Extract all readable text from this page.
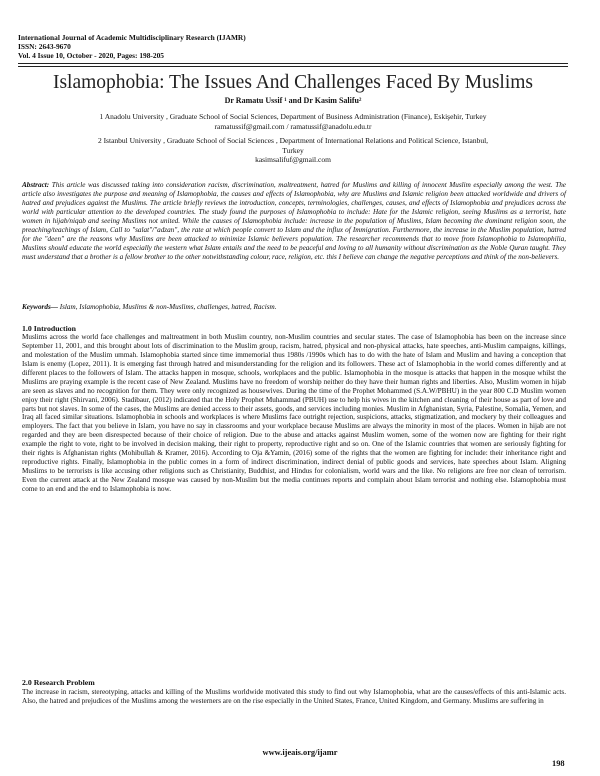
International Journal of Academic Multidisciplinary Research (IJAMR)
ISSN: 2643-9670
Vol. 4 Issue 10, October - 2020, Pages: 198-205
Islamophobia: The Issues And Challenges Faced By Muslims
Dr Ramatu Ussif ¹ and Dr Kasim Salifu²
1 Anadolu University , Graduate School of Social Sciences, Department of Business Administration (Finance), Eskişehir, Turkey
ramatussif@gmail.com / ramatussif@anadolu.edu.tr
2 Istanbul University , Graduate School of Social Sciences , Department of International Relations and Political Science, Istanbul,
Turkey
kasimsalifuf@gmail.com
Abstract: This article was discussed taking into consideration racism, discrimination, maltreatment, hatred for Muslims and killing of innocent Muslim especially among the west. The article also investigates the purpose and meaning of Islamophobia, the causes and effects of Islamophobia, why are Muslims and Islamic religion been attacked worldwide and drivers of hatred and prejudices against the Muslims. The article briefly reviews the introduction, concepts, terminologies, challenges, causes, and effects of Islamophobia and prejudices across the world with particular attention to the developed countries. The study found the purposes of Islamophobia to include: Hate for the Islamic religion, seeing Muslims as a terrorist, hate women in hijab/niqab and seeing Muslims not united. While the causes of Islamophobia include: increase in the population of Muslims, Islam becoming the dominant religion soon, the preaching/teachings of Islam, Call to "salat"/"adzan", the rate at which people convert to Islam and the influx of Immigration. Furthermore, the increase in the Muslim population, hatred for the "deen" are the reasons why Muslims are been attacked to minimize Islamic believers population. The researcher recommends that to move from Islamophobia to Islamophilia, Muslims should educate the world especially the western what Islam entails and the need to be peaceful and loving to all humanity without discrimination as the Noble Quran taught. They must understand that a brother is a fellow brother to the other notwithstanding colour, race, religion, etc. this I believe can change the negative perceptions and think of the non-believers.
Keywords— Islam, Islamophobia, Muslims & non-Muslims, challenges, hatred, Racism.
1.0 Introduction
Muslims across the world face challenges and maltreatment in both Muslim country, non-Muslim countries and secular states. The case of Islamophobia has been on the increase since September 11, 2001, and this brought about lots of discrimination to the Muslim group, racism, hatred, physical and non-physical attacks, hate speeches, anti-Muslim campaigns, killings, and molestation of the Muslim ummah. Islamophobia started since time immemorial thus 1980s /1990s which has to do with the hate of Islam and Muslim and having a conception that Islam is enemy (Lopez, 2011). It is emerging fast through hatred and misunderstanding for the religion and its followers. These act of Islamophobia in the world comes differently and at different places to the followers of Islam. The attacks happen in mosque, schools, workplaces and the public. Islamophobia in the mosque is attacks that happen in the mosque whilst the Muslims are praying example is the recent case of New Zealand. Muslims have no freedom of worship neither do they have their human rights and liberties. Also, Muslim women in hijab are seen as slaves and no recognition for them. They were only recognized as housewives. During the time of the Prophet Mohammed (S.A.W/PBHU) in the year 800 C.D Muslim women enjoy their right (Shirvani, 2006). Stadibaur, (2012) indicated that the Holy Prophet Muhammad (PBUH) use to help his wives in the kitchen and cleaning of their house as part of love and parts but not slaves. In some of the cases, the Muslims are denied access to their assets, goods, and services including monies. Muslim in Afghanistan, Syria, Palestine, Somalia, Yemen, and Iraq all faced similar situations. Islamophobia in schools and workplaces is where Muslims face outright rejection, suspicions, attacks, stigmatization, and mockery by their colleagues and employers. The fact that you believe in Islam, you have no say in classrooms and your workplace because Muslims are always the minority in most of the places. Women in hijab are not regarded and they are been disrespected because of their choice of religion. Due to the abuse and attacks against Muslim women, some of the women now are fighting for their right example the right to vote, right to be involved in decision making, their right to property, reproductive right and so on. One of the Islamic countries that women are seriously fighting for their rights is Afghanistan rights (Mohibullah & Kramer, 2016). According to Oja &Yamin, (2016) some of the rights that the women are fighting for include: their inheritance right and reproductive rights. Finally, Islamophobia in the public comes in a form of indirect discrimination, indirect denial of public goods and services, hate speeches about Islam. Aligning Muslims to be terrorists is like accusing other religions such as Christianity, Buddhist, and Hindus for colonialism, world wars and the like. No religions are free nor clean of terrorism. Even the current attack at the New Zealand mosque was caused by non-Muslim but the media continues reports and complain about Islam terrorist and nothing else. Islamophobia must come to an end and the end to Islamophobia is now.
2.0 Research Problem
The increase in racism, stereotyping, attacks and killing of the Muslims worldwide motivated this study to find out why Islamophobia, what are the causes/effects of this anti-Islamic acts. Also, the hatred and prejudices of the Muslims among the westerners are on the rise especially in the United States, France, United Kingdom, and Germany. Muslims are suffering in
www.ijeais.org/ijamr
198
